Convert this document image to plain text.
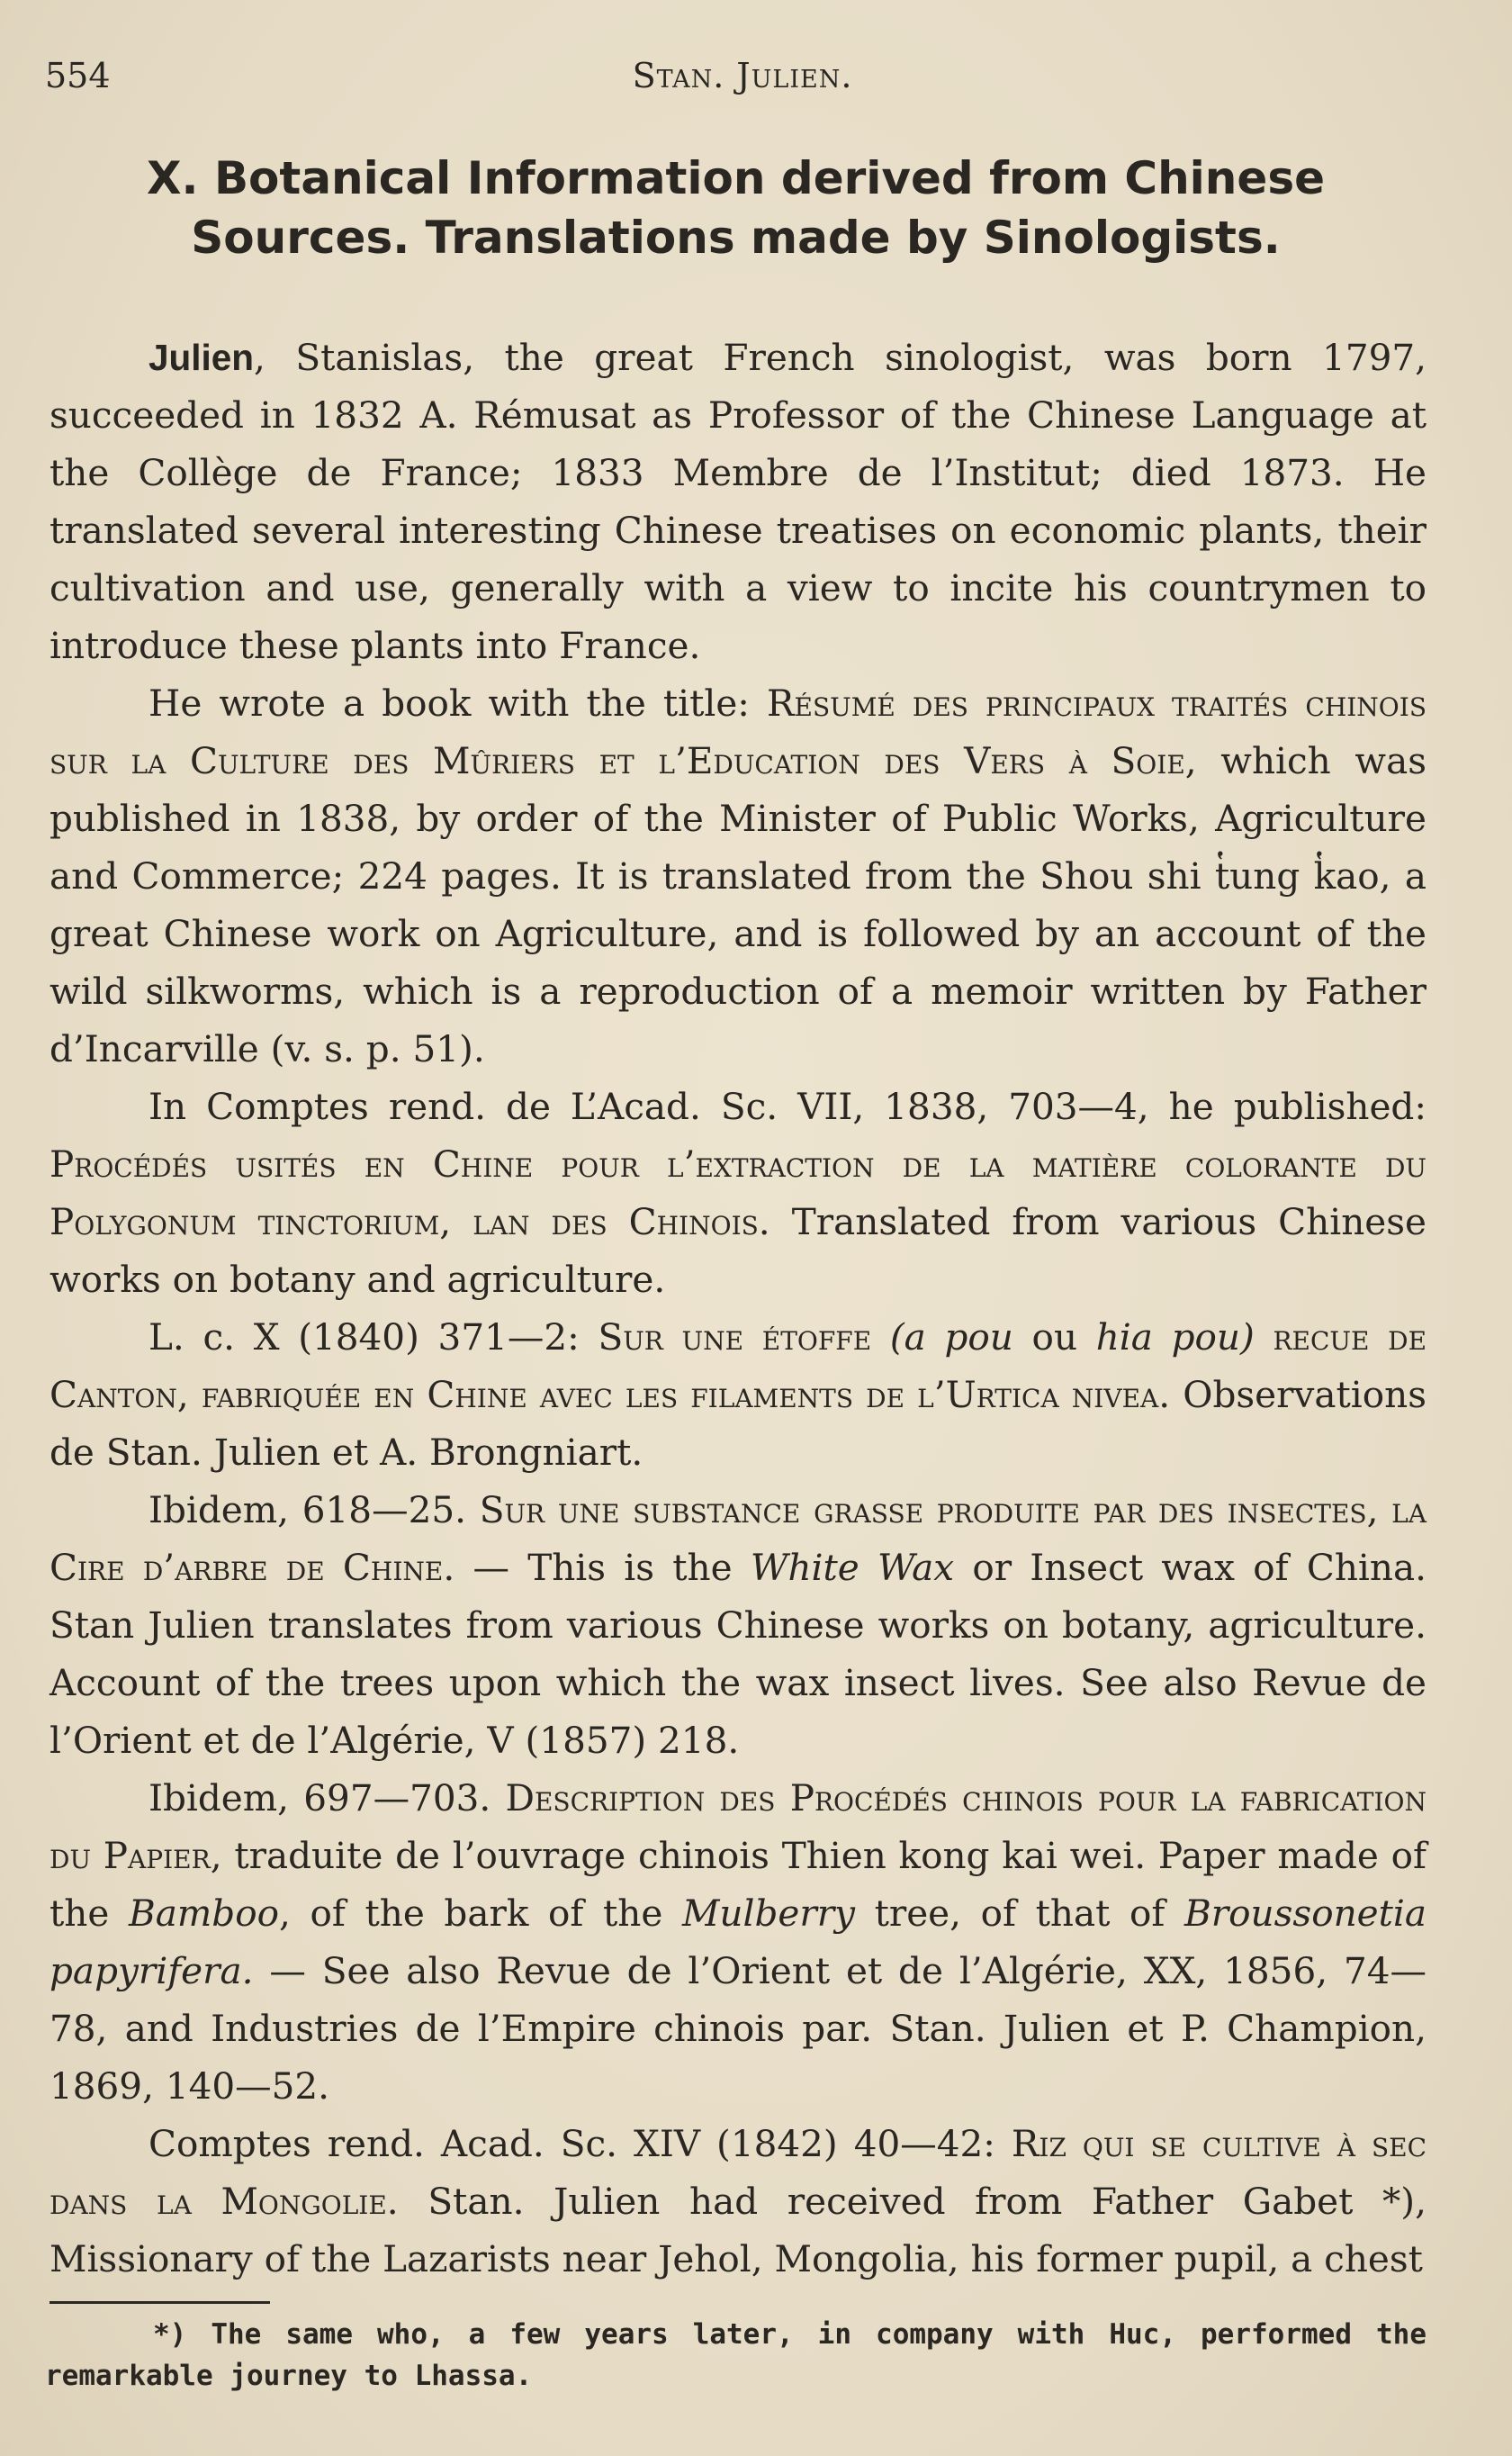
554	Stan. Julien.
X. Botanical Information derived from Chinese Sources. Translations made by Sinologists.

Julien, Stanislas, the great French sinologist, was born 1797, succeeded in 1832 A. Rémusat as Professor of the Chinese Language at the Collège de France; 1833 Membre de l’Institut; died 1873. He translated several interesting Chinese treatises on economic plants, their cultivation and use, generally with a view to incite his countrymen to introduce these plants into France.

He wrote a book with the title: Résumé des principaux traités chinois sur la Culture des Mûriers et l’Education des Vers à Soie, which was published in 1838, by order of the Minister of Public Works, Agriculture and Commerce; 224 pages. It is translated from the Shou shi t̔ung k̔ao, a great Chinese work on Agriculture, and is followed by an account of the wild silkworms, which is a reproduction of a memoir written by Father d’Incarville (v. s. p. 51).

In Comptes rend. de L’Acad. Sc. VII, 1838, 703—4, he published: Procédés usités en Chine pour l’extraction de la matière colorante du Polygonum tinctorium, lan des Chinois. Translated from various Chinese works on botany and agriculture.

L. c. X (1840) 371—2: Sur une étoffe (a pou ou hia pou) recue de Canton, fabriquée en Chine avec les filaments de l’Urtica nivea. Observations de Stan. Julien et A. Brongniart.

Ibidem, 618—25. Sur une substance grasse produite par des insectes, la Cire d’arbre de Chine. — This is the White Wax or Insect wax of China. Stan Julien translates from various Chinese works on botany, agriculture. Account of the trees upon which the wax insect lives. See also Revue de l’Orient et de l’Algérie, V (1857) 218.

Ibidem, 697—703. Description des Procédés chinois pour la fabrication du Papier, traduite de l’ouvrage chinois Thien kong kai wei. Paper made of the Bamboo, of the bark of the Mulberry tree, of that of Broussonetia papyrifera. — See also Revue de l’Orient et de l’Algérie, XX, 1856, 74—78, and Industries de l’Empire chinois par. Stan. Julien et P. Champion, 1869, 140—52.

Comptes rend. Acad. Sc. XIV (1842) 40—42: Riz qui se cultive à sec dans la Mongolie. Stan. Julien had received from Father Gabet *), Missionary of the Lazarists near Jehol, Mongolia, his former pupil, a chest

*) The same who, a few years later, in company with Huc, performed the remarkable journey to Lhassa.
